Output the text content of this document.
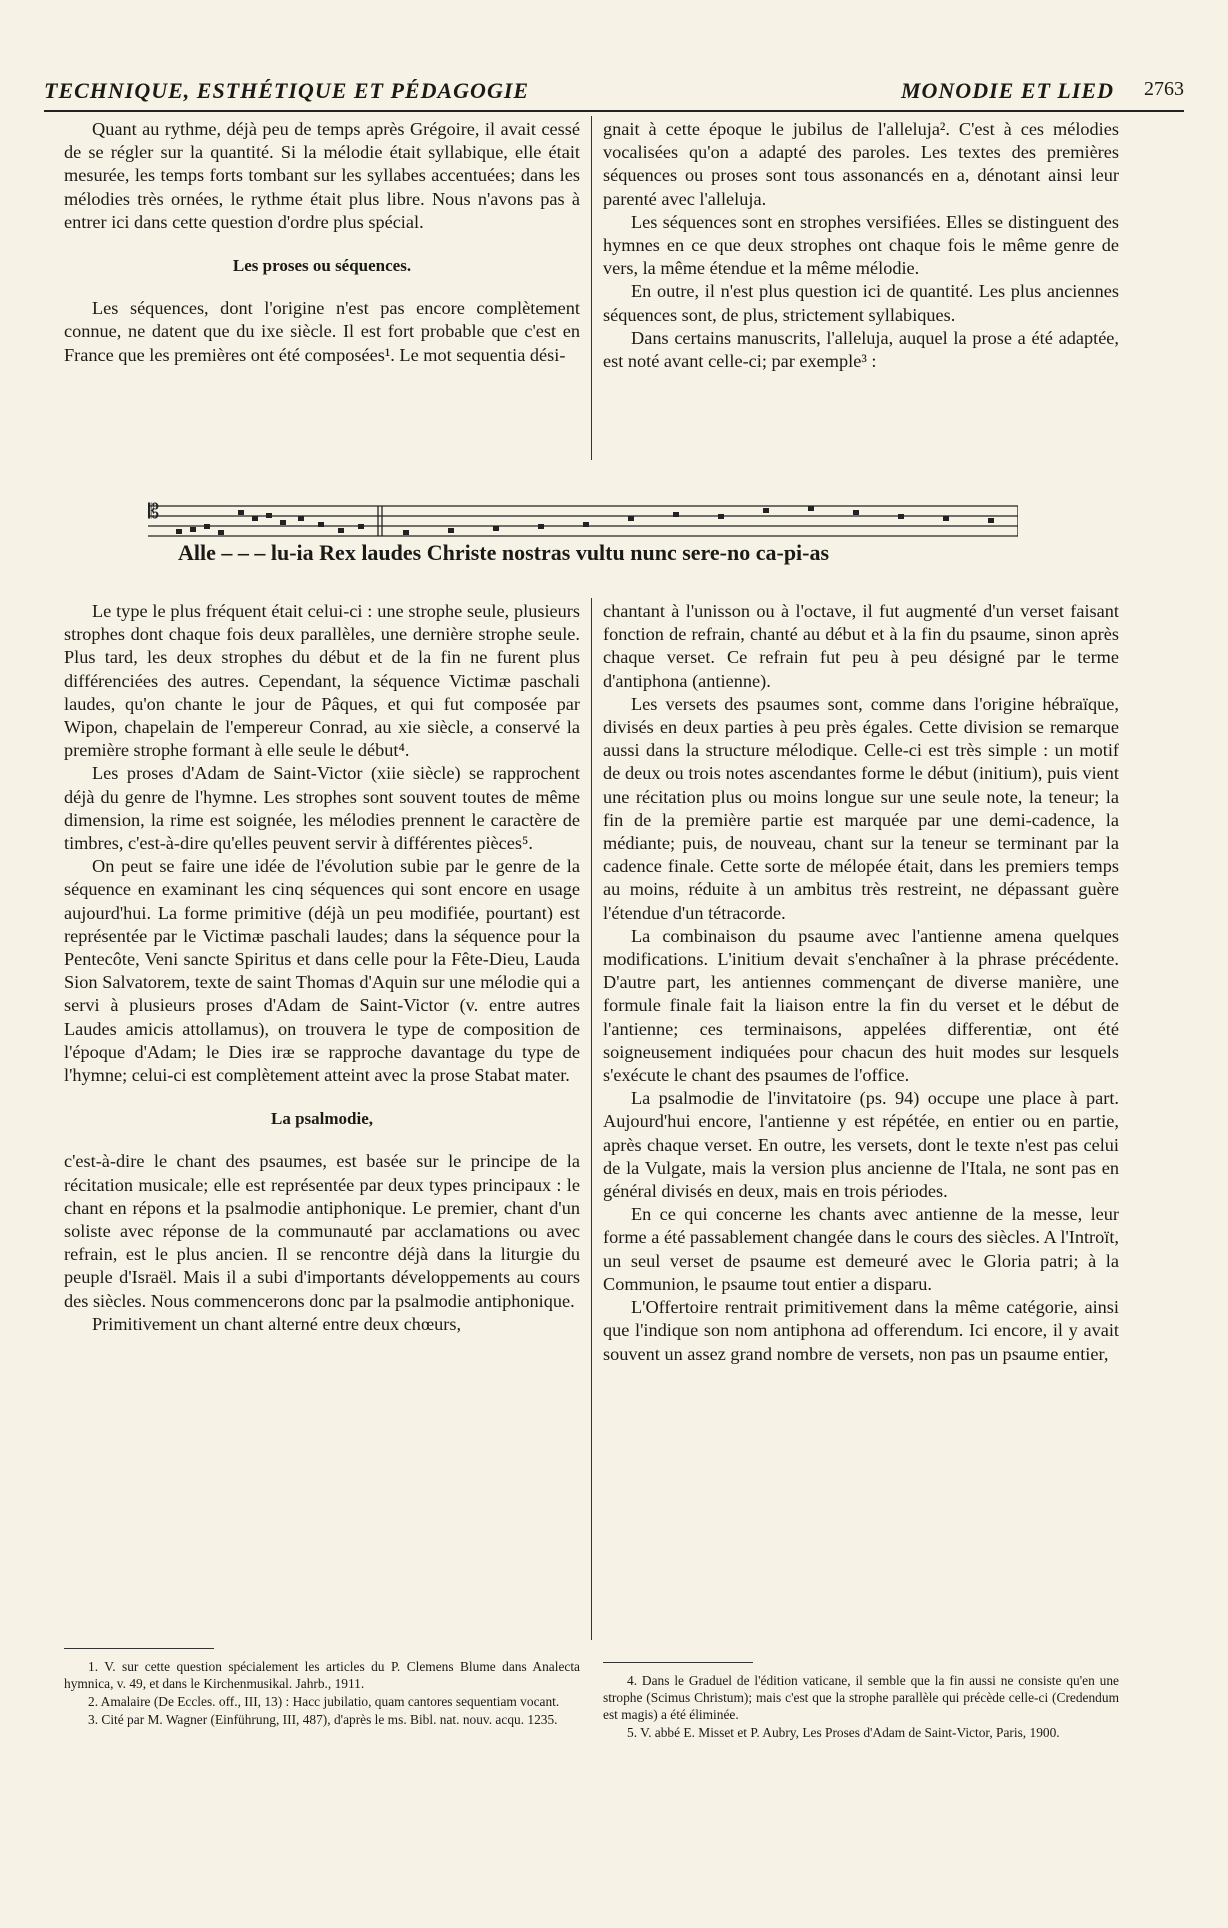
TECHNIQUE, ESTHÉTIQUE ET PÉDAGOGIE	MONODIE ET LIED 2763

Quant au rythme, déjà peu de temps après Grégoire, il avait cessé de se régler sur la quantité. Si la mélodie était syllabique, elle était mesurée, les temps forts tombant sur les syllabes accentuées; dans les mélodies très ornées, le rythme était plus libre. Nous n'avons pas à entrer ici dans cette question d'ordre plus spécial.

Les proses ou séquences.

Les séquences, dont l'origine n'est pas encore complètement connue, ne datent que du ixe siècle. Il est fort probable que c'est en France que les premières ont été composées¹. Le mot sequentia dési-

gnait à cette époque le jubilus de l'alleluja². C'est à ces mélodies vocalisées qu'on a adapté des paroles. Les textes des premières séquences ou proses sont tous assonancés en a, dénotant ainsi leur parenté avec l'alleluja.

Les séquences sont en strophes versifiées. Elles se distinguent des hymnes en ce que deux strophes ont chaque fois le même genre de vers, la même étendue et la même mélodie.

En outre, il n'est plus question ici de quantité. Les plus anciennes séquences sont, de plus, strictement syllabiques.

Dans certains manuscrits, l'alleluja, auquel la prose a été adaptée, est noté avant celle-ci; par exemple³ :

𝄡
Alle – – – lu-ia Rex laudes Christe nostras vultu nunc sere-no ca-pi-as

Le type le plus fréquent était celui-ci : une strophe seule, plusieurs strophes dont chaque fois deux parallèles, une dernière strophe seule. Plus tard, les deux strophes du début et de la fin ne furent plus différenciées des autres. Cependant, la séquence Victimæ paschali laudes, qu'on chante le jour de Pâques, et qui fut composée par Wipon, chapelain de l'empereur Conrad, au xie siècle, a conservé la première strophe formant à elle seule le début⁴.

Les proses d'Adam de Saint-Victor (xiie siècle) se rapprochent déjà du genre de l'hymne. Les strophes sont souvent toutes de même dimension, la rime est soignée, les mélodies prennent le caractère de timbres, c'est-à-dire qu'elles peuvent servir à différentes pièces⁵.

On peut se faire une idée de l'évolution subie par le genre de la séquence en examinant les cinq séquences qui sont encore en usage aujourd'hui. La forme primitive (déjà un peu modifiée, pourtant) est représentée par le Victimæ paschali laudes; dans la séquence pour la Pentecôte, Veni sancte Spiritus et dans celle pour la Fête-Dieu, Lauda Sion Salvatorem, texte de saint Thomas d'Aquin sur une mélodie qui a servi à plusieurs proses d'Adam de Saint-Victor (v. entre autres Laudes amicis attollamus), on trouvera le type de composition de l'époque d'Adam; le Dies iræ se rapproche davantage du type de l'hymne; celui-ci est complètement atteint avec la prose Stabat mater.

La psalmodie,

c'est-à-dire le chant des psaumes, est basée sur le principe de la récitation musicale; elle est représentée par deux types principaux : le chant en répons et la psalmodie antiphonique. Le premier, chant d'un soliste avec réponse de la communauté par acclamations ou avec refrain, est le plus ancien. Il se rencontre déjà dans la liturgie du peuple d'Israël. Mais il a subi d'importants développements au cours des siècles. Nous commencerons donc par la psalmodie antiphonique.

Primitivement un chant alterné entre deux chœurs,

chantant à l'unisson ou à l'octave, il fut augmenté d'un verset faisant fonction de refrain, chanté au début et à la fin du psaume, sinon après chaque verset. Ce refrain fut peu à peu désigné par le terme d'antiphona (antienne).

Les versets des psaumes sont, comme dans l'origine hébraïque, divisés en deux parties à peu près égales. Cette division se remarque aussi dans la structure mélodique. Celle-ci est très simple : un motif de deux ou trois notes ascendantes forme le début (initium), puis vient une récitation plus ou moins longue sur une seule note, la teneur; la fin de la première partie est marquée par une demi-cadence, la médiante; puis, de nouveau, chant sur la teneur se terminant par la cadence finale. Cette sorte de mélopée était, dans les premiers temps au moins, réduite à un ambitus très restreint, ne dépassant guère l'étendue d'un tétracorde.

La combinaison du psaume avec l'antienne amena quelques modifications. L'initium devait s'enchaîner à la phrase précédente. D'autre part, les antiennes commençant de diverse manière, une formule finale fait la liaison entre la fin du verset et le début de l'antienne; ces terminaisons, appelées differentiæ, ont été soigneusement indiquées pour chacun des huit modes sur lesquels s'exécute le chant des psaumes de l'office.

La psalmodie de l'invitatoire (ps. 94) occupe une place à part. Aujourd'hui encore, l'antienne y est répétée, en entier ou en partie, après chaque verset. En outre, les versets, dont le texte n'est pas celui de la Vulgate, mais la version plus ancienne de l'Itala, ne sont pas en général divisés en deux, mais en trois périodes.

En ce qui concerne les chants avec antienne de la messe, leur forme a été passablement changée dans le cours des siècles. A l'Introït, un seul verset de psaume est demeuré avec le Gloria patri; à la Communion, le psaume tout entier a disparu.

L'Offertoire rentrait primitivement dans la même catégorie, ainsi que l'indique son nom antiphona ad offerendum. Ici encore, il y avait souvent un assez grand nombre de versets, non pas un psaume entier,

1. V. sur cette question spécialement les articles du P. Clemens Blume dans Analecta hymnica, v. 49, et dans le Kirchenmusikal. Jahrb., 1911.

2. Amalaire (De Eccles. off., III, 13) : Hacc jubilatio, quam cantores sequentiam vocant.

3. Cité par M. Wagner (Einführung, III, 487), d'après le ms. Bibl. nat. nouv. acqu. 1235.

4. Dans le Graduel de l'édition vaticane, il semble que la fin aussi ne consiste qu'en une strophe (Scimus Christum); mais c'est que la strophe parallèle qui précède celle-ci (Credendum est magis) a été éliminée.

5. V. abbé E. Misset et P. Aubry, Les Proses d'Adam de Saint-Victor, Paris, 1900.
